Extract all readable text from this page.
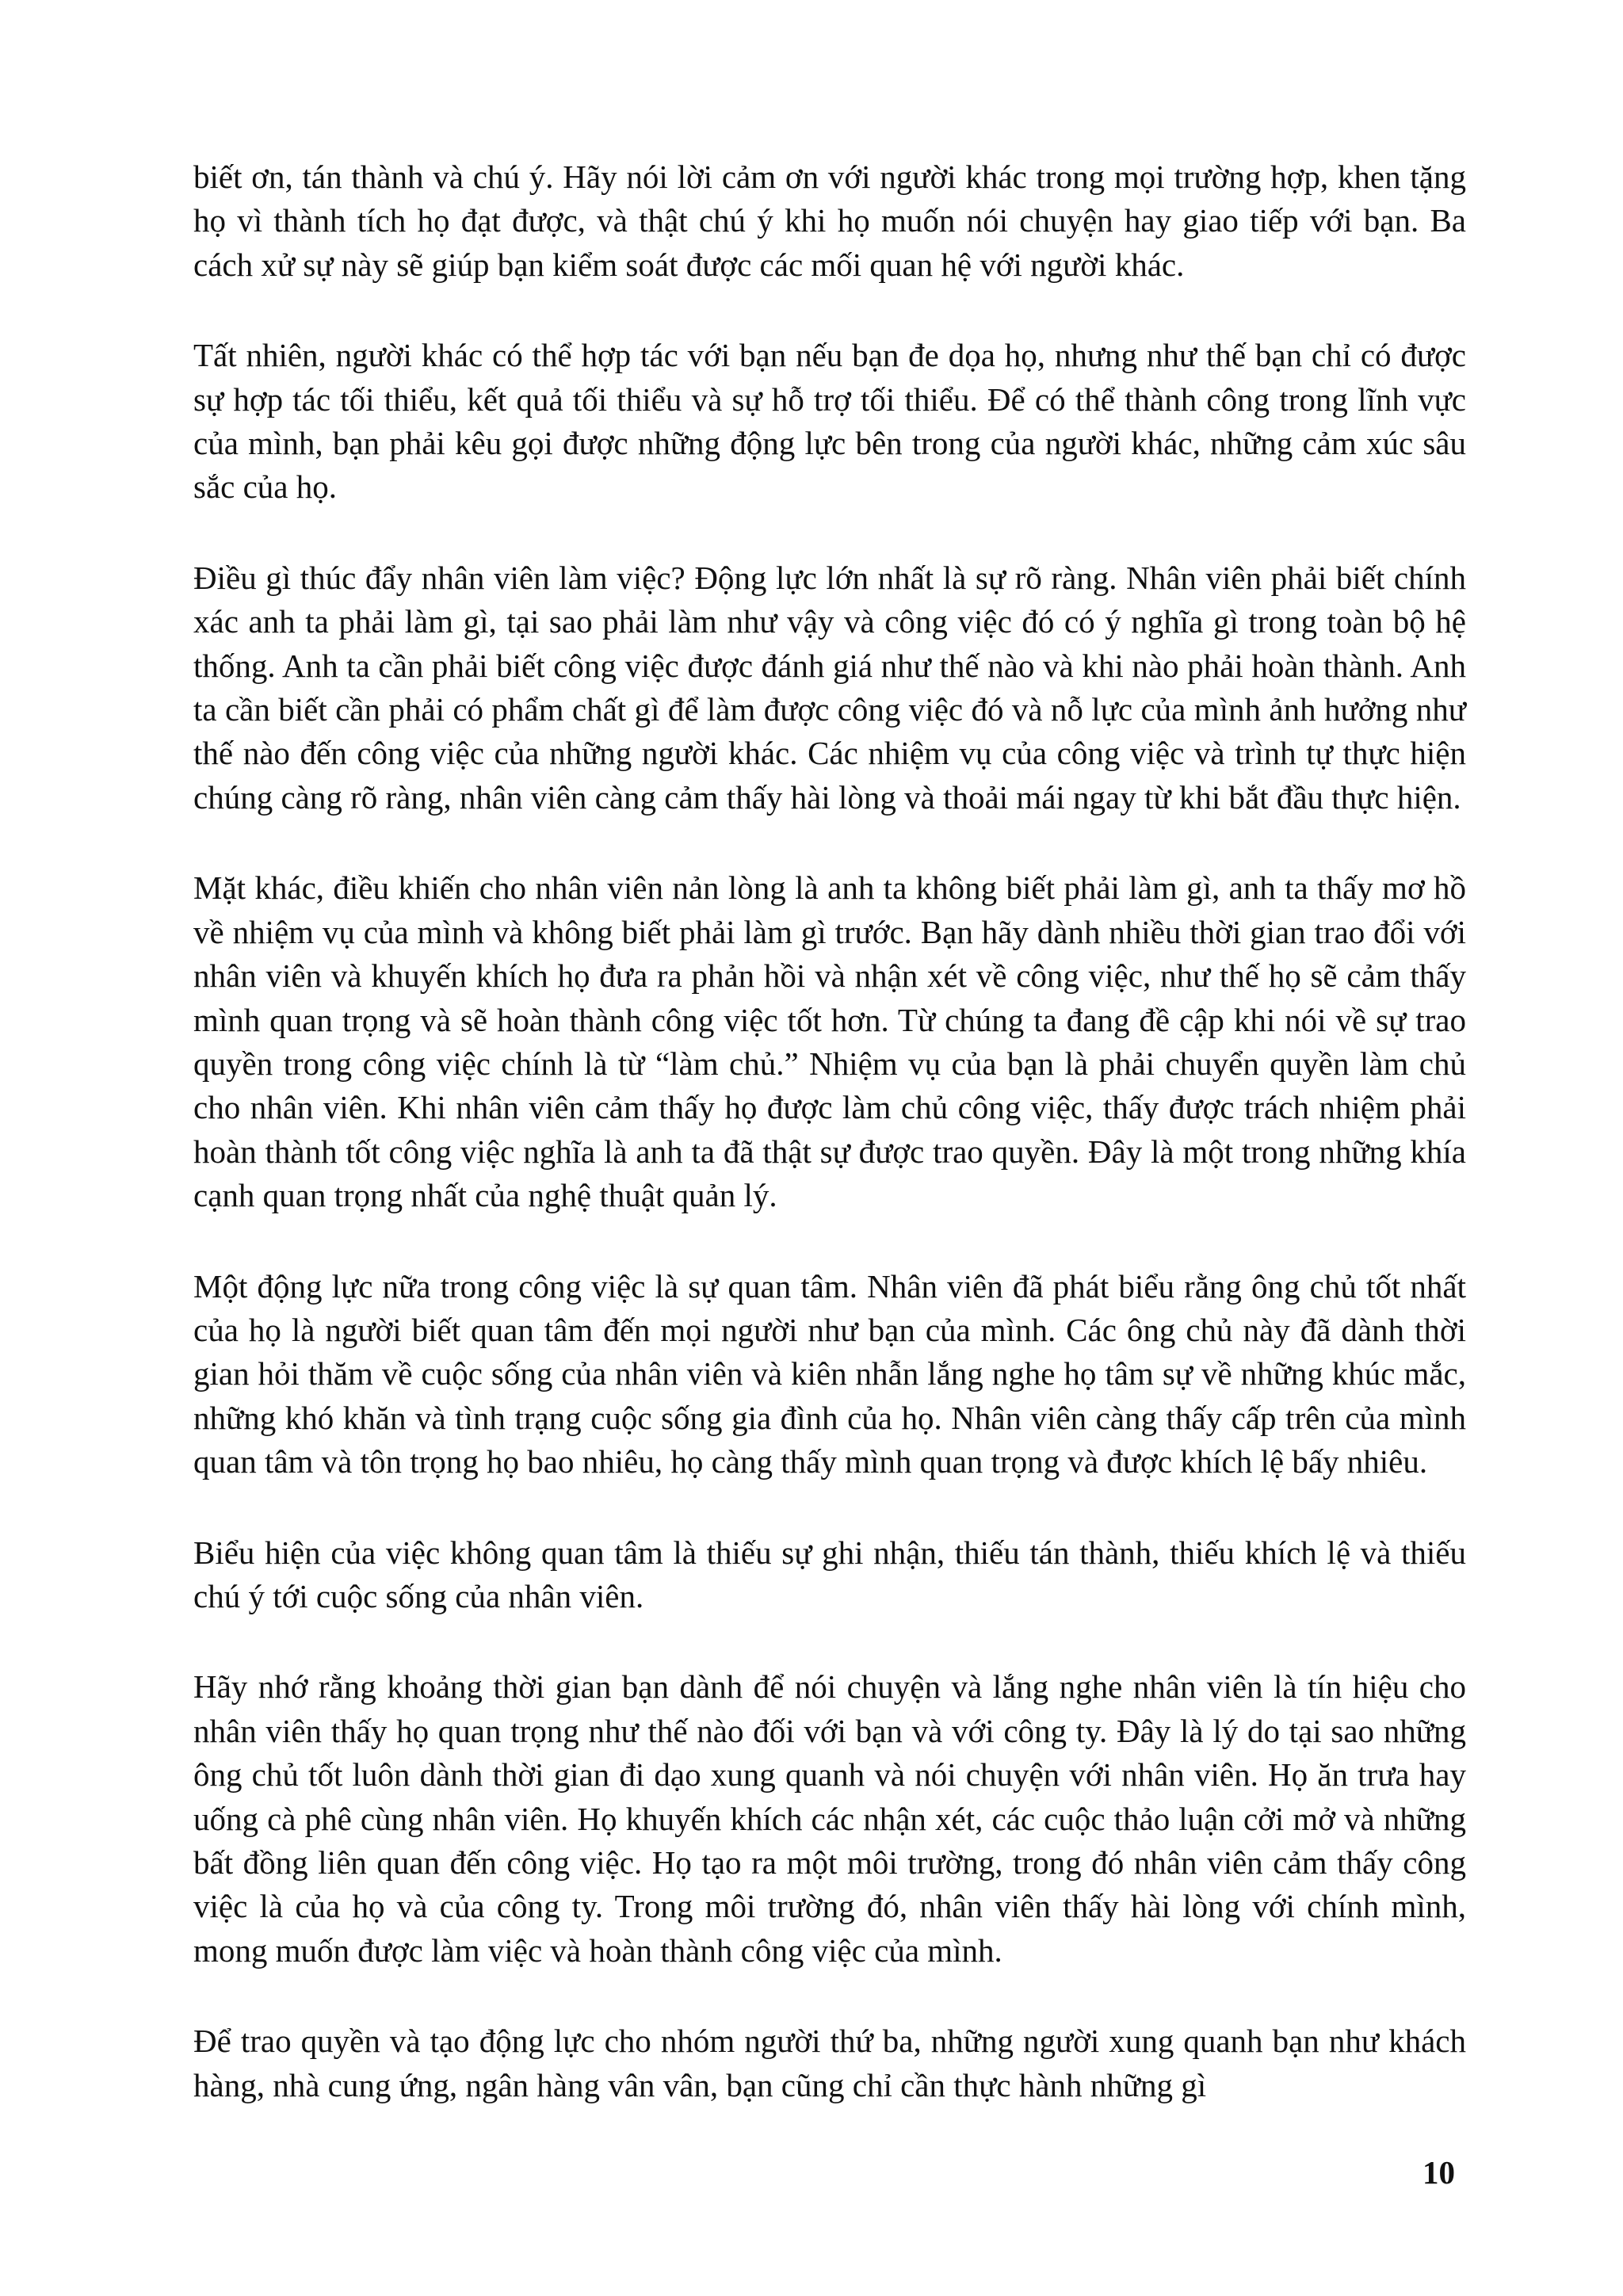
biết ơn, tán thành và chú ý. Hãy nói lời cảm ơn với người khác trong mọi trường hợp, khen tặng họ vì thành tích họ đạt được, và thật chú ý khi họ muốn nói chuyện hay giao tiếp với bạn. Ba cách xử sự này sẽ giúp bạn kiểm soát được các mối quan hệ với người khác.

Tất nhiên, người khác có thể hợp tác với bạn nếu bạn đe dọa họ, nhưng như thế bạn chỉ có được sự hợp tác tối thiểu, kết quả tối thiểu và sự hỗ trợ tối thiểu. Để có thể thành công trong lĩnh vực của mình, bạn phải kêu gọi được những động lực bên trong của người khác, những cảm xúc sâu sắc của họ.

Điều gì thúc đẩy nhân viên làm việc? Động lực lớn nhất là sự rõ ràng. Nhân viên phải biết chính xác anh ta phải làm gì, tại sao phải làm như vậy và công việc đó có ý nghĩa gì trong toàn bộ hệ thống. Anh ta cần phải biết công việc được đánh giá như thế nào và khi nào phải hoàn thành. Anh ta cần biết cần phải có phẩm chất gì để làm được công việc đó và nỗ lực của mình ảnh hưởng như thế nào đến công việc của những người khác. Các nhiệm vụ của công việc và trình tự thực hiện chúng càng rõ ràng, nhân viên càng cảm thấy hài lòng và thoải mái ngay từ khi bắt đầu thực hiện.

Mặt khác, điều khiến cho nhân viên nản lòng là anh ta không biết phải làm gì, anh ta thấy mơ hồ về nhiệm vụ của mình và không biết phải làm gì trước. Bạn hãy dành nhiều thời gian trao đổi với nhân viên và khuyến khích họ đưa ra phản hồi và nhận xét về công việc, như thế họ sẽ cảm thấy mình quan trọng và sẽ hoàn thành công việc tốt hơn. Từ chúng ta đang đề cập khi nói về sự trao quyền trong công việc chính là từ “làm chủ.” Nhiệm vụ của bạn là phải chuyển quyền làm chủ cho nhân viên. Khi nhân viên cảm thấy họ được làm chủ công việc, thấy được trách nhiệm phải hoàn thành tốt công việc nghĩa là anh ta đã thật sự được trao quyền. Đây là một trong những khía cạnh quan trọng nhất của nghệ thuật quản lý.

Một động lực nữa trong công việc là sự quan tâm. Nhân viên đã phát biểu rằng ông chủ tốt nhất của họ là người biết quan tâm đến mọi người như bạn của mình. Các ông chủ này đã dành thời gian hỏi thăm về cuộc sống của nhân viên và kiên nhẫn lắng nghe họ tâm sự về những khúc mắc, những khó khăn và tình trạng cuộc sống gia đình của họ. Nhân viên càng thấy cấp trên của mình quan tâm và tôn trọng họ bao nhiêu, họ càng thấy mình quan trọng và được khích lệ bấy nhiêu.

Biểu hiện của việc không quan tâm là thiếu sự ghi nhận, thiếu tán thành, thiếu khích lệ và thiếu chú ý tới cuộc sống của nhân viên.

Hãy nhớ rằng khoảng thời gian bạn dành để nói chuyện và lắng nghe nhân viên là tín hiệu cho nhân viên thấy họ quan trọng như thế nào đối với bạn và với công ty. Đây là lý do tại sao những ông chủ tốt luôn dành thời gian đi dạo xung quanh và nói chuyện với nhân viên. Họ ăn trưa hay uống cà phê cùng nhân viên. Họ khuyến khích các nhận xét, các cuộc thảo luận cởi mở và những bất đồng liên quan đến công việc. Họ tạo ra một môi trường, trong đó nhân viên cảm thấy công việc là của họ và của công ty. Trong môi trường đó, nhân viên thấy hài lòng với chính mình, mong muốn được làm việc và hoàn thành công việc của mình.

Để trao quyền và tạo động lực cho nhóm người thứ ba, những người xung quanh bạn như khách hàng, nhà cung ứng, ngân hàng vân vân, bạn cũng chỉ cần thực hành những gì

10
